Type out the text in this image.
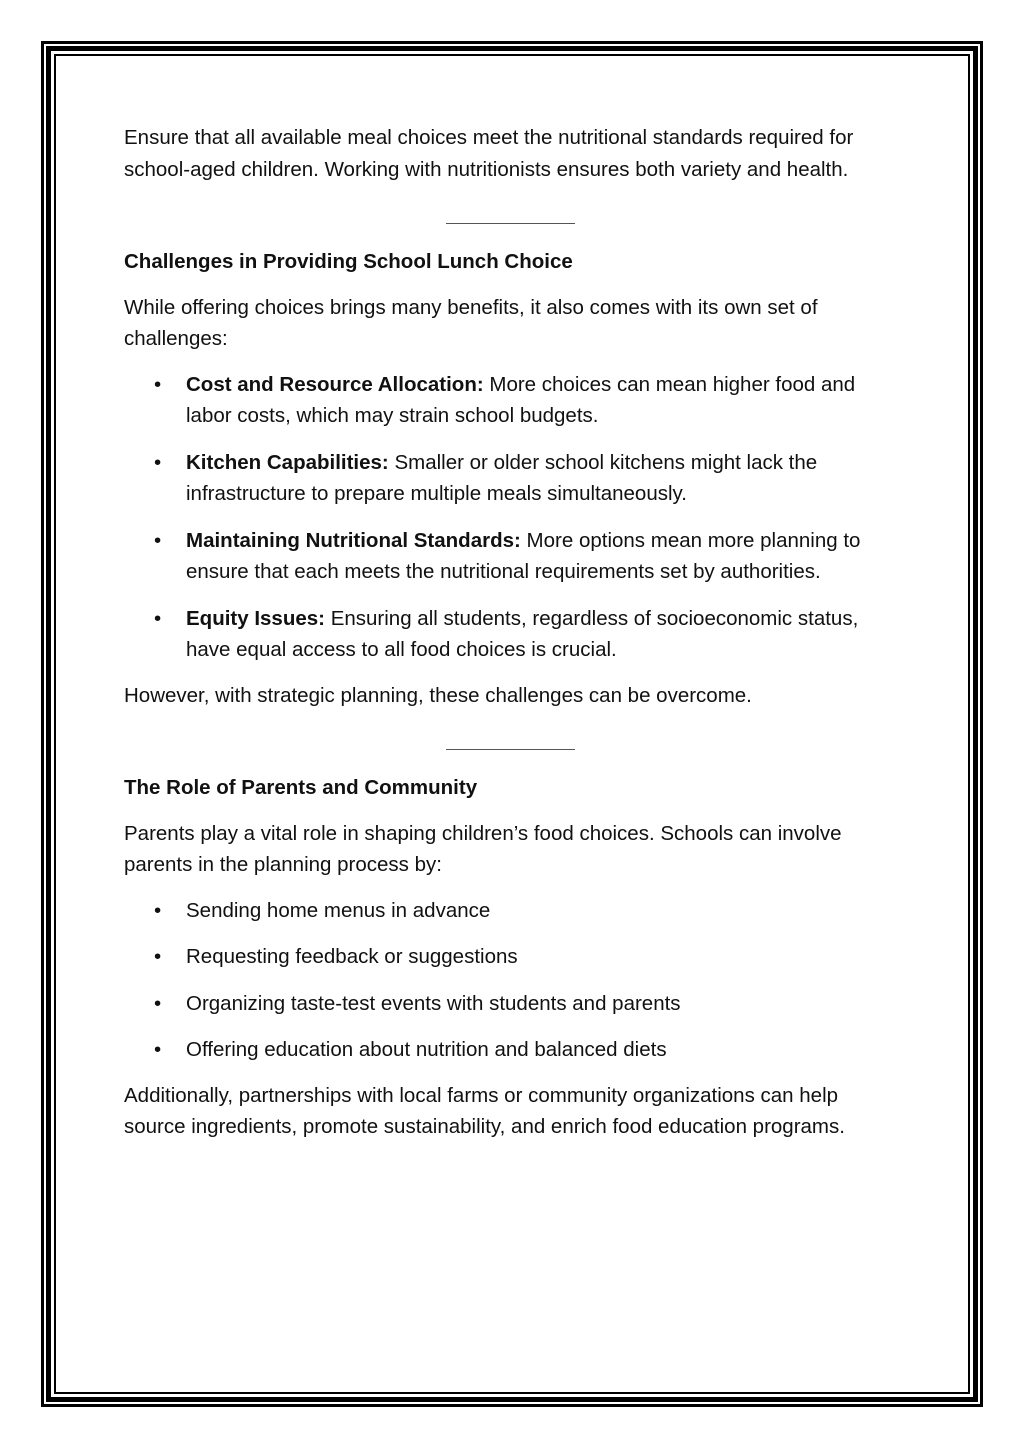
Ensure that all available meal choices meet the nutritional standards required for school-aged children. Working with nutritionists ensures both variety and health.

Challenges in Providing School Lunch Choice

While offering choices brings many benefits, it also comes with its own set of challenges:

• Cost and Resource Allocation: More choices can mean higher food and labor costs, which may strain school budgets.
• Kitchen Capabilities: Smaller or older school kitchens might lack the infrastructure to prepare multiple meals simultaneously.
• Maintaining Nutritional Standards: More options mean more planning to ensure that each meets the nutritional requirements set by authorities.
• Equity Issues: Ensuring all students, regardless of socioeconomic status, have equal access to all food choices is crucial.

However, with strategic planning, these challenges can be overcome.

The Role of Parents and Community

Parents play a vital role in shaping children’s food choices. Schools can involve parents in the planning process by:

• Sending home menus in advance
• Requesting feedback or suggestions
• Organizing taste-test events with students and parents
• Offering education about nutrition and balanced diets

Additionally, partnerships with local farms or community organizations can help source ingredients, promote sustainability, and enrich food education programs.
